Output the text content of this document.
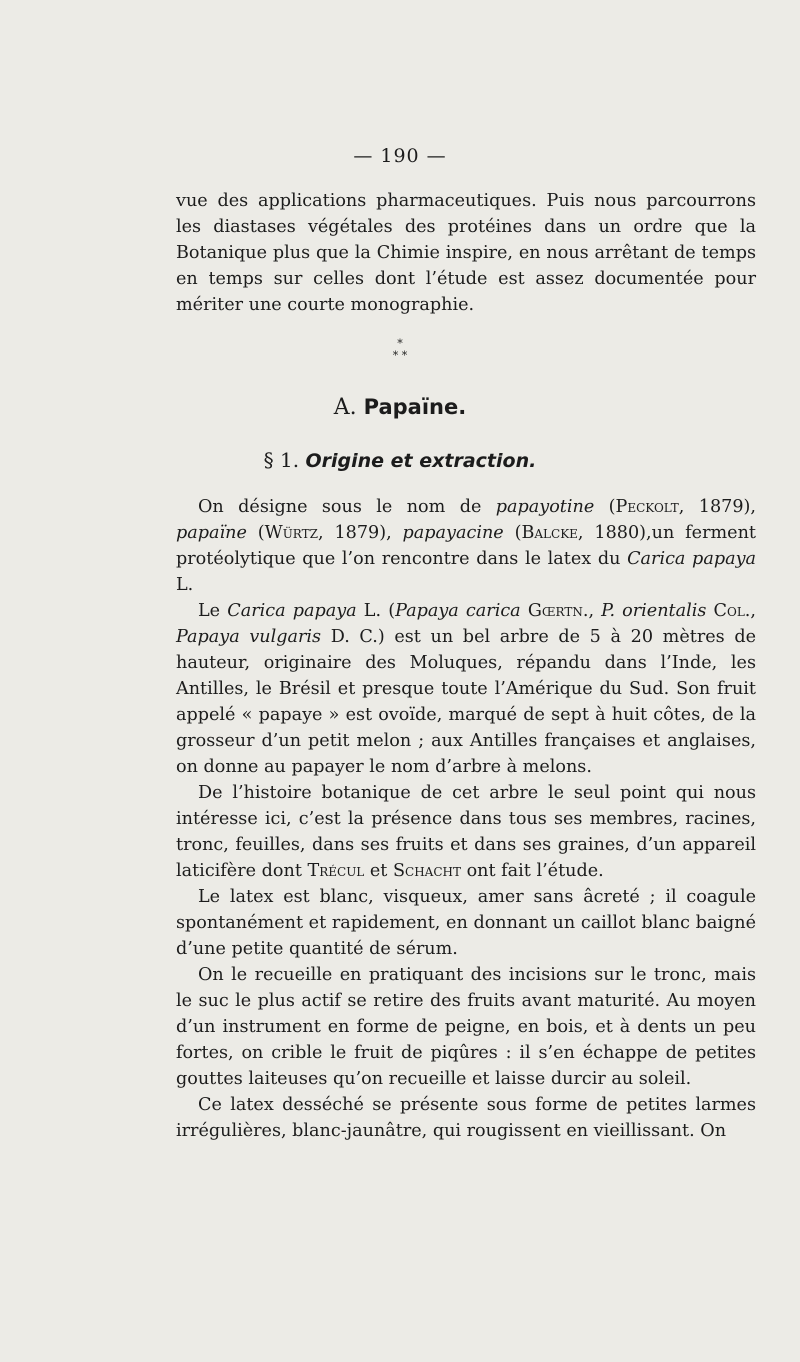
— 190 —

vue des applications pharmaceutiques. Puis nous parcourrons les diastases végétales des protéines dans un ordre que la Botanique plus que la Chimie inspire, en nous arrêtant de temps en temps sur celles dont l’étude est assez documentée pour mériter une courte monographie.

*
* *
A. Papaïne.
§ 1. Origine et extraction.

On désigne sous le nom de papayotine (Peckolt, 1879), papaïne (Würtz, 1879), papayacine (Balcke, 1880),un ferment protéolytique que l’on rencontre dans le latex du Carica papaya L.

Le Carica papaya L. (Papaya carica Gœrtn., P. orientalis Col., Papaya vulgaris D. C.) est un bel arbre de 5 à 20 mètres de hauteur, originaire des Moluques, répandu dans l’Inde, les Antilles, le Brésil et presque toute l’Amérique du Sud. Son fruit appelé « papaye » est ovoïde, marqué de sept à huit côtes, de la grosseur d’un petit melon ; aux Antilles françaises et anglaises, on donne au papayer le nom d’arbre à melons.

De l’histoire botanique de cet arbre le seul point qui nous intéresse ici, c’est la présence dans tous ses membres, racines, tronc, feuilles, dans ses fruits et dans ses graines, d’un appareil laticifère dont Trécul et Schacht ont fait l’étude.

Le latex est blanc, visqueux, amer sans âcreté ; il coagule spontanément et rapidement, en donnant un caillot blanc baigné d’une petite quantité de sérum.

On le recueille en pratiquant des incisions sur le tronc, mais le suc le plus actif se retire des fruits avant maturité. Au moyen d’un instrument en forme de peigne, en bois, et à dents un peu fortes, on crible le fruit de piqûres : il s’en échappe de petites gouttes laiteuses qu’on recueille et laisse durcir au soleil.

Ce latex desséché se présente sous forme de petites larmes irrégulières, blanc-jaunâtre, qui rougissent en vieillissant. On
